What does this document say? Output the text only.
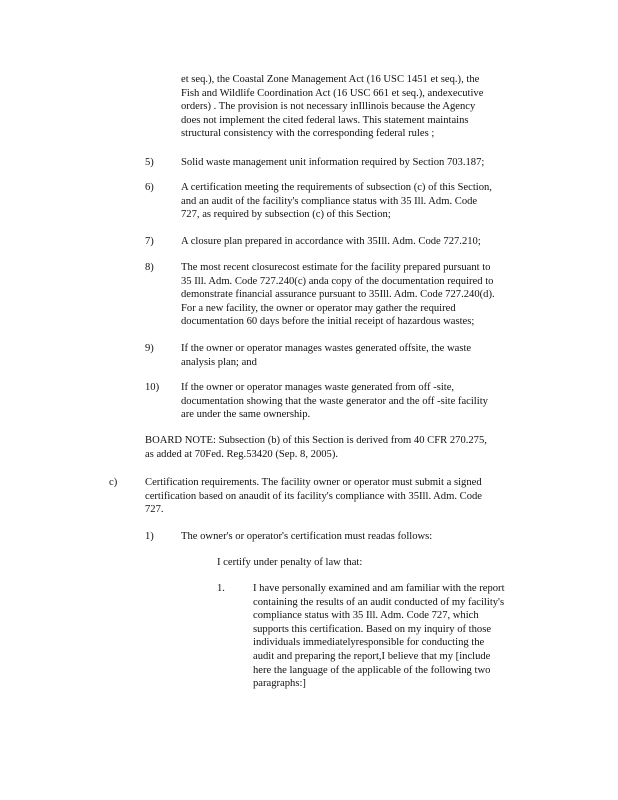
et seq.), the Coastal Zone Management Act (16 USC 1451 et seq.), the
Fish and Wildlife Coordination Act (16 USC 661 et seq.), andexecutive
orders) . The provision is not necessary inIllinois because the Agency
does not implement the cited federal laws. This statement maintains
structural consistency with the corresponding federal rules ;
5)	Solid waste management unit information required by Section 703.187;
6)	A certification meeting the requirements of subsection (c) of this Section,
and an audit of the facility's compliance status with 35 Ill. Adm. Code
727, as required by subsection (c) of this Section;
7)	A closure plan prepared in accordance with 35Ill. Adm. Code 727.210;
8)	The most recent closurecost estimate for the facility prepared pursuant to
35 Ill. Adm. Code 727.240(c) anda copy of the documentation required to
demonstrate financial assurance pursuant to 35Ill. Adm. Code 727.240(d).
For a new facility, the owner or operator may gather the required
documentation 60 days before the initial receipt of hazardous wastes;
9)	If the owner or operator manages wastes generated offsite, the waste
analysis plan; and
10) If the owner or operator manages waste generated from off -site,
documentation showing that the waste generator and the off -site facility
are under the same ownership.
BOARD NOTE: Subsection (b) of this Section is derived from 40 CFR 270.275,
as added at 70Fed. Reg.53420 (Sep. 8, 2005).
c)	Certification requirements. The facility owner or operator must submit a signed
certification based on anaudit of its facility's compliance with 35Ill. Adm. Code
727.
1)	The owner's or operator's certification must readas follows:
I certify under penalty of law that:
1.	I have personally examined and am familiar with the report
containing the results of an audit conducted of my facility's
compliance status with 35 Ill. Adm. Code 727, which
supports this certification. Based on my inquiry of those
individuals immediatelyresponsible for conducting the
audit and preparing the report,I believe that my [include
here the language of the applicable of the following two
paragraphs:]
